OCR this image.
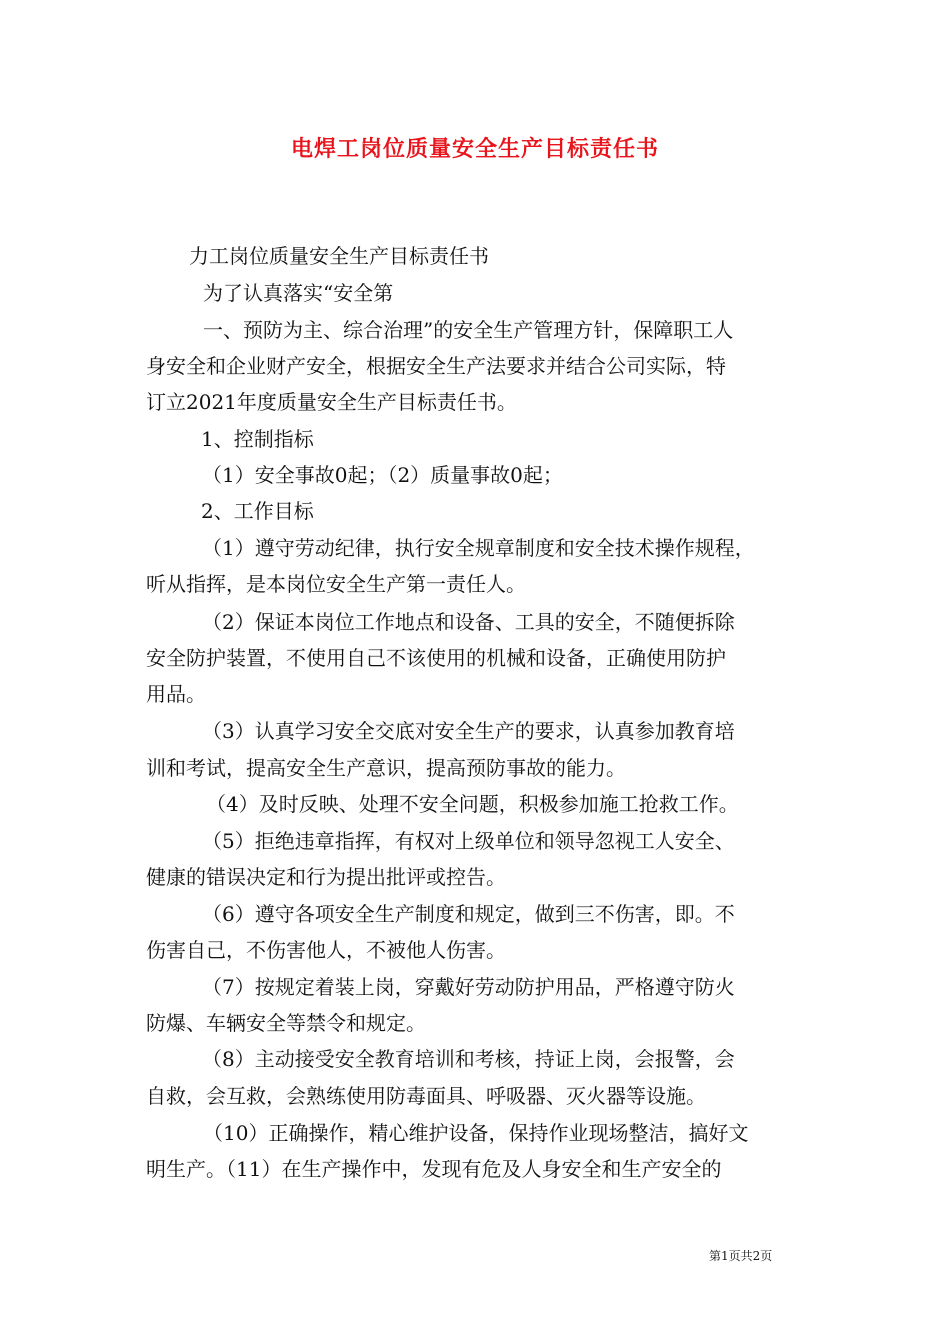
电焊工岗位质量安全生产目标责任书
力工岗位质量安全生产目标责任书
为了认真落实“安全第
一、预防为主、综合治理”的安全生产管理方针，保障职工人
身安全和企业财产安全，根据安全生产法要求并结合公司实际，特
订立2021年度质量安全生产目标责任书。
1、控制指标
（1）安全事故0起；（2）质量事故0起；
2、工作目标
（1）遵守劳动纪律，执行安全规章制度和安全技术操作规程，
听从指挥，是本岗位安全生产第一责任人。
（2）保证本岗位工作地点和设备、工具的安全，不随便拆除
安全防护装置，不使用自己不该使用的机械和设备，正确使用防护
用品。
（3）认真学习安全交底对安全生产的要求，认真参加教育培
训和考试，提高安全生产意识，提高预防事故的能力。
（4）及时反映、处理不安全问题，积极参加施工抢救工作。
（5）拒绝违章指挥，有权对上级单位和领导忽视工人安全、
健康的错误决定和行为提出批评或控告。
（6）遵守各项安全生产制度和规定，做到三不伤害，即。不
伤害自己，不伤害他人，不被他人伤害。
（7）按规定着装上岗，穿戴好劳动防护用品，严格遵守防火
防爆、车辆安全等禁令和规定。
（8）主动接受安全教育培训和考核，持证上岗，会报警，会
自救，会互救，会熟练使用防毒面具、呼吸器、灭火器等设施。
（10）正确操作，精心维护设备，保持作业现场整洁，搞好文
明生产。（11）在生产操作中，发现有危及人身安全和生产安全的
第1页共2页
